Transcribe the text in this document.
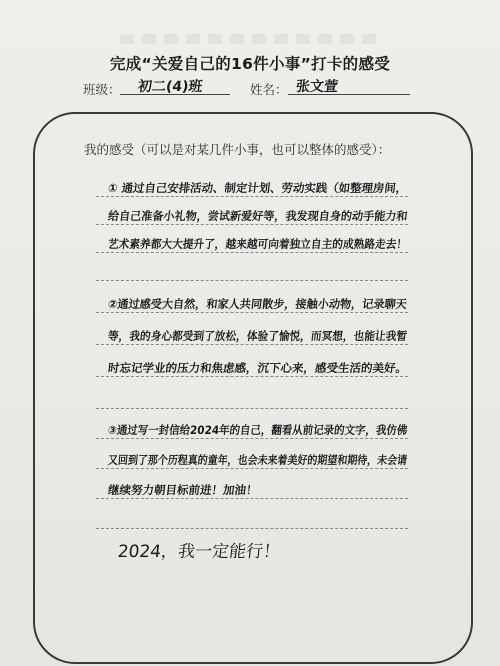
完成“关爱自己的16件小事”打卡的感受
班级： 初二(4)班	姓名： 张文萱
我的感受（可以是对某几件小事，也可以整体的感受）：
① 通过自己安排活动、制定计划、劳动实践（如整理房间，
给自己准备小礼物，尝试新爱好等，我发现自身的动手能力和
艺术素养都大大提升了，越来越可向着独立自主的成熟路走去！
②通过感受大自然，和家人共同散步，接触小动物，记录聊天
等，我的身心都受到了放松，体验了愉悦，而冥想，也能让我暂
时忘记学业的压力和焦虑感，沉下心来，感受生活的美好。
③通过写一封信给2024年的自己，翻看从前记录的文字，我仿佛
又回到了那个历程真的童年，也会未来着美好的期望和期待，未会请
继续努力朝目标前进！加油！
2024，我一定能行！
